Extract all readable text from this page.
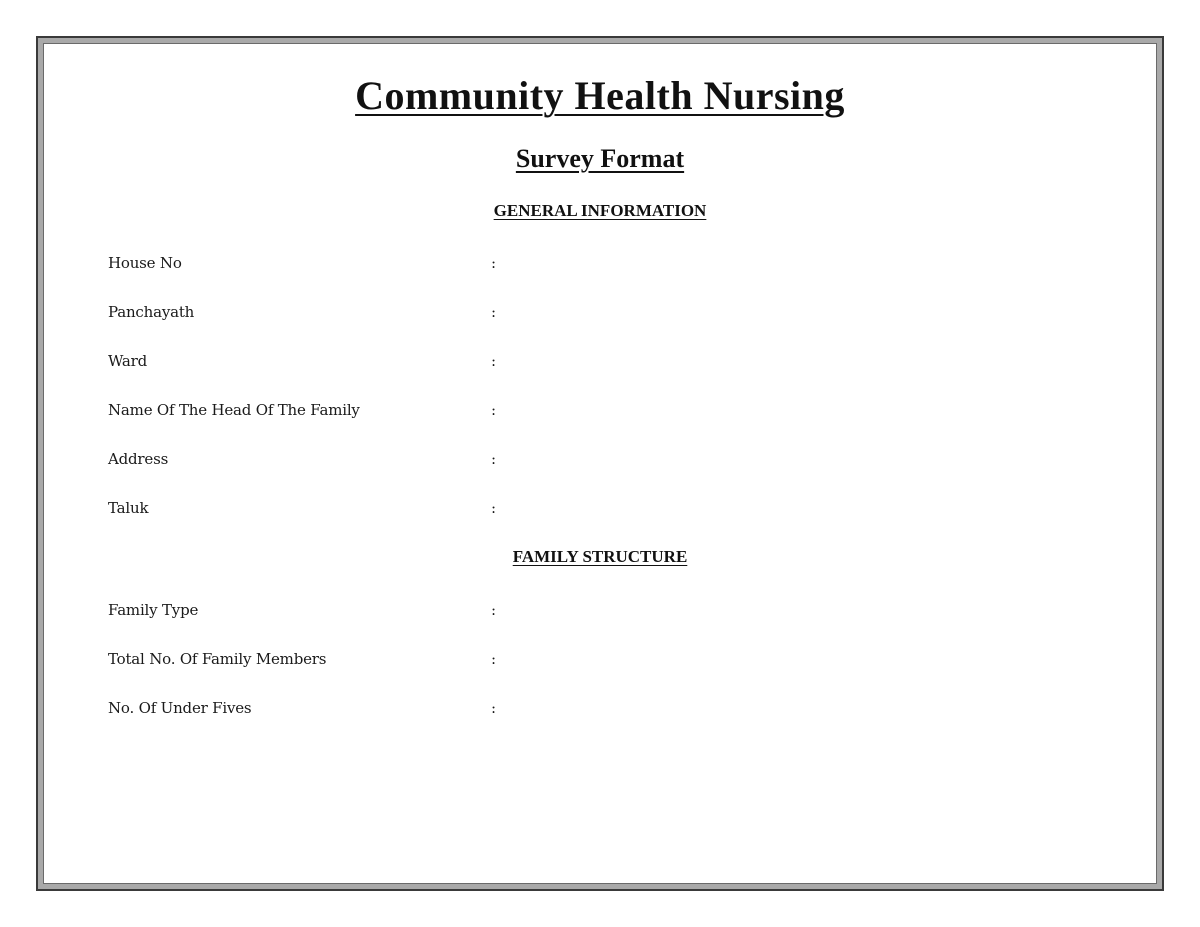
Community Health Nursing
Survey Format
GENERAL INFORMATION
House No	:
Panchayath	:
Ward	:
Name Of The Head Of The Family	:
Address	:
Taluk	:
FAMILY STRUCTURE
Family Type	:
Total No. Of Family Members	:
No. Of Under Fives	:
